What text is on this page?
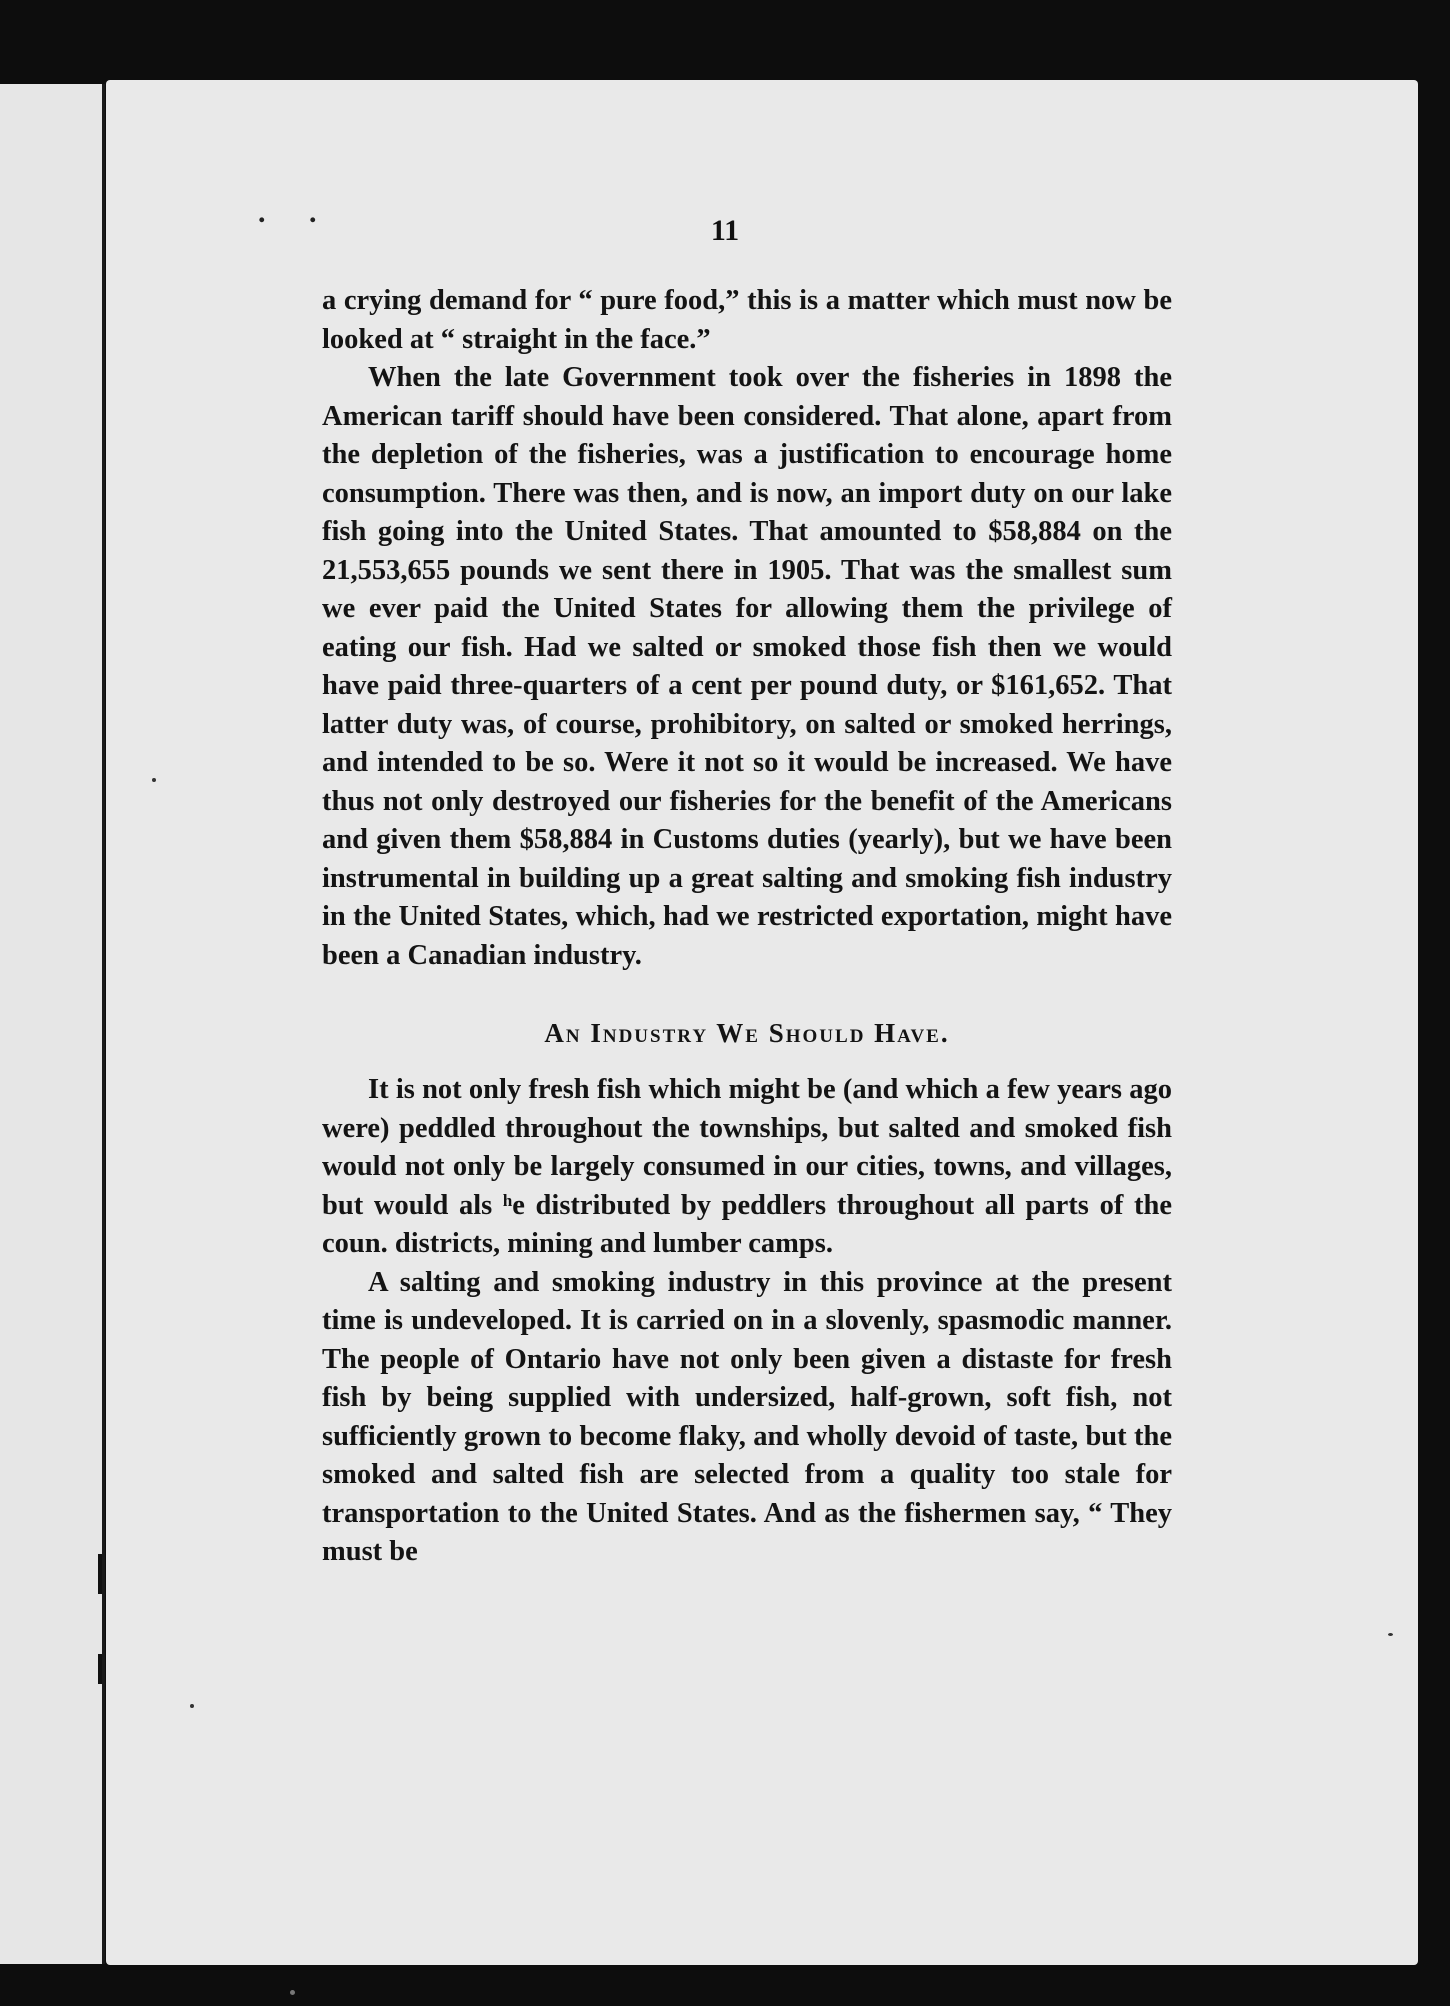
. .
11

a crying demand for “ pure food,” this is a matter which must now be looked at “ straight in the face.”

When the late Government took over the fisheries in 1898 the American tariff should have been considered. That alone, apart from the depletion of the fisheries, was a justification to encourage home consumption. There was then, and is now, an import duty on our lake fish going into the United States. That amounted to $58,884 on the 21,553,655 pounds we sent there in 1905. That was the smallest sum we ever paid the United States for allowing them the privilege of eating our fish. Had we salted or smoked those fish then we would have paid three-quarters of a cent per pound duty, or $161,652. That latter duty was, of course, prohibitory, on salted or smoked herrings, and intended to be so. Were it not so it would be increased. We have thus not only destroyed our fisheries for the benefit of the Americans and given them $58,884 in Customs duties (yearly), but we have been instrumental in building up a great salting and smoking fish industry in the United States, which, had we restricted exportation, might have been a Canadian industry.

An Industry We Should Have.

It is not only fresh fish which might be (and which a few years ago were) peddled throughout the townships, but salted and smoked fish would not only be largely consumed in our cities, towns, and villages, but would als ʰe distributed by peddlers throughout all parts of the coun. districts, mining and lumber camps.

A salting and smoking industry in this province at the present time is undeveloped. It is carried on in a slovenly, spasmodic manner. The people of Ontario have not only been given a distaste for fresh fish by being supplied with undersized, half-grown, soft fish, not sufficiently grown to become flaky, and wholly devoid of taste, but the smoked and salted fish are selected from a quality too stale for transportation to the United States. And as the fishermen say, “ They must be
